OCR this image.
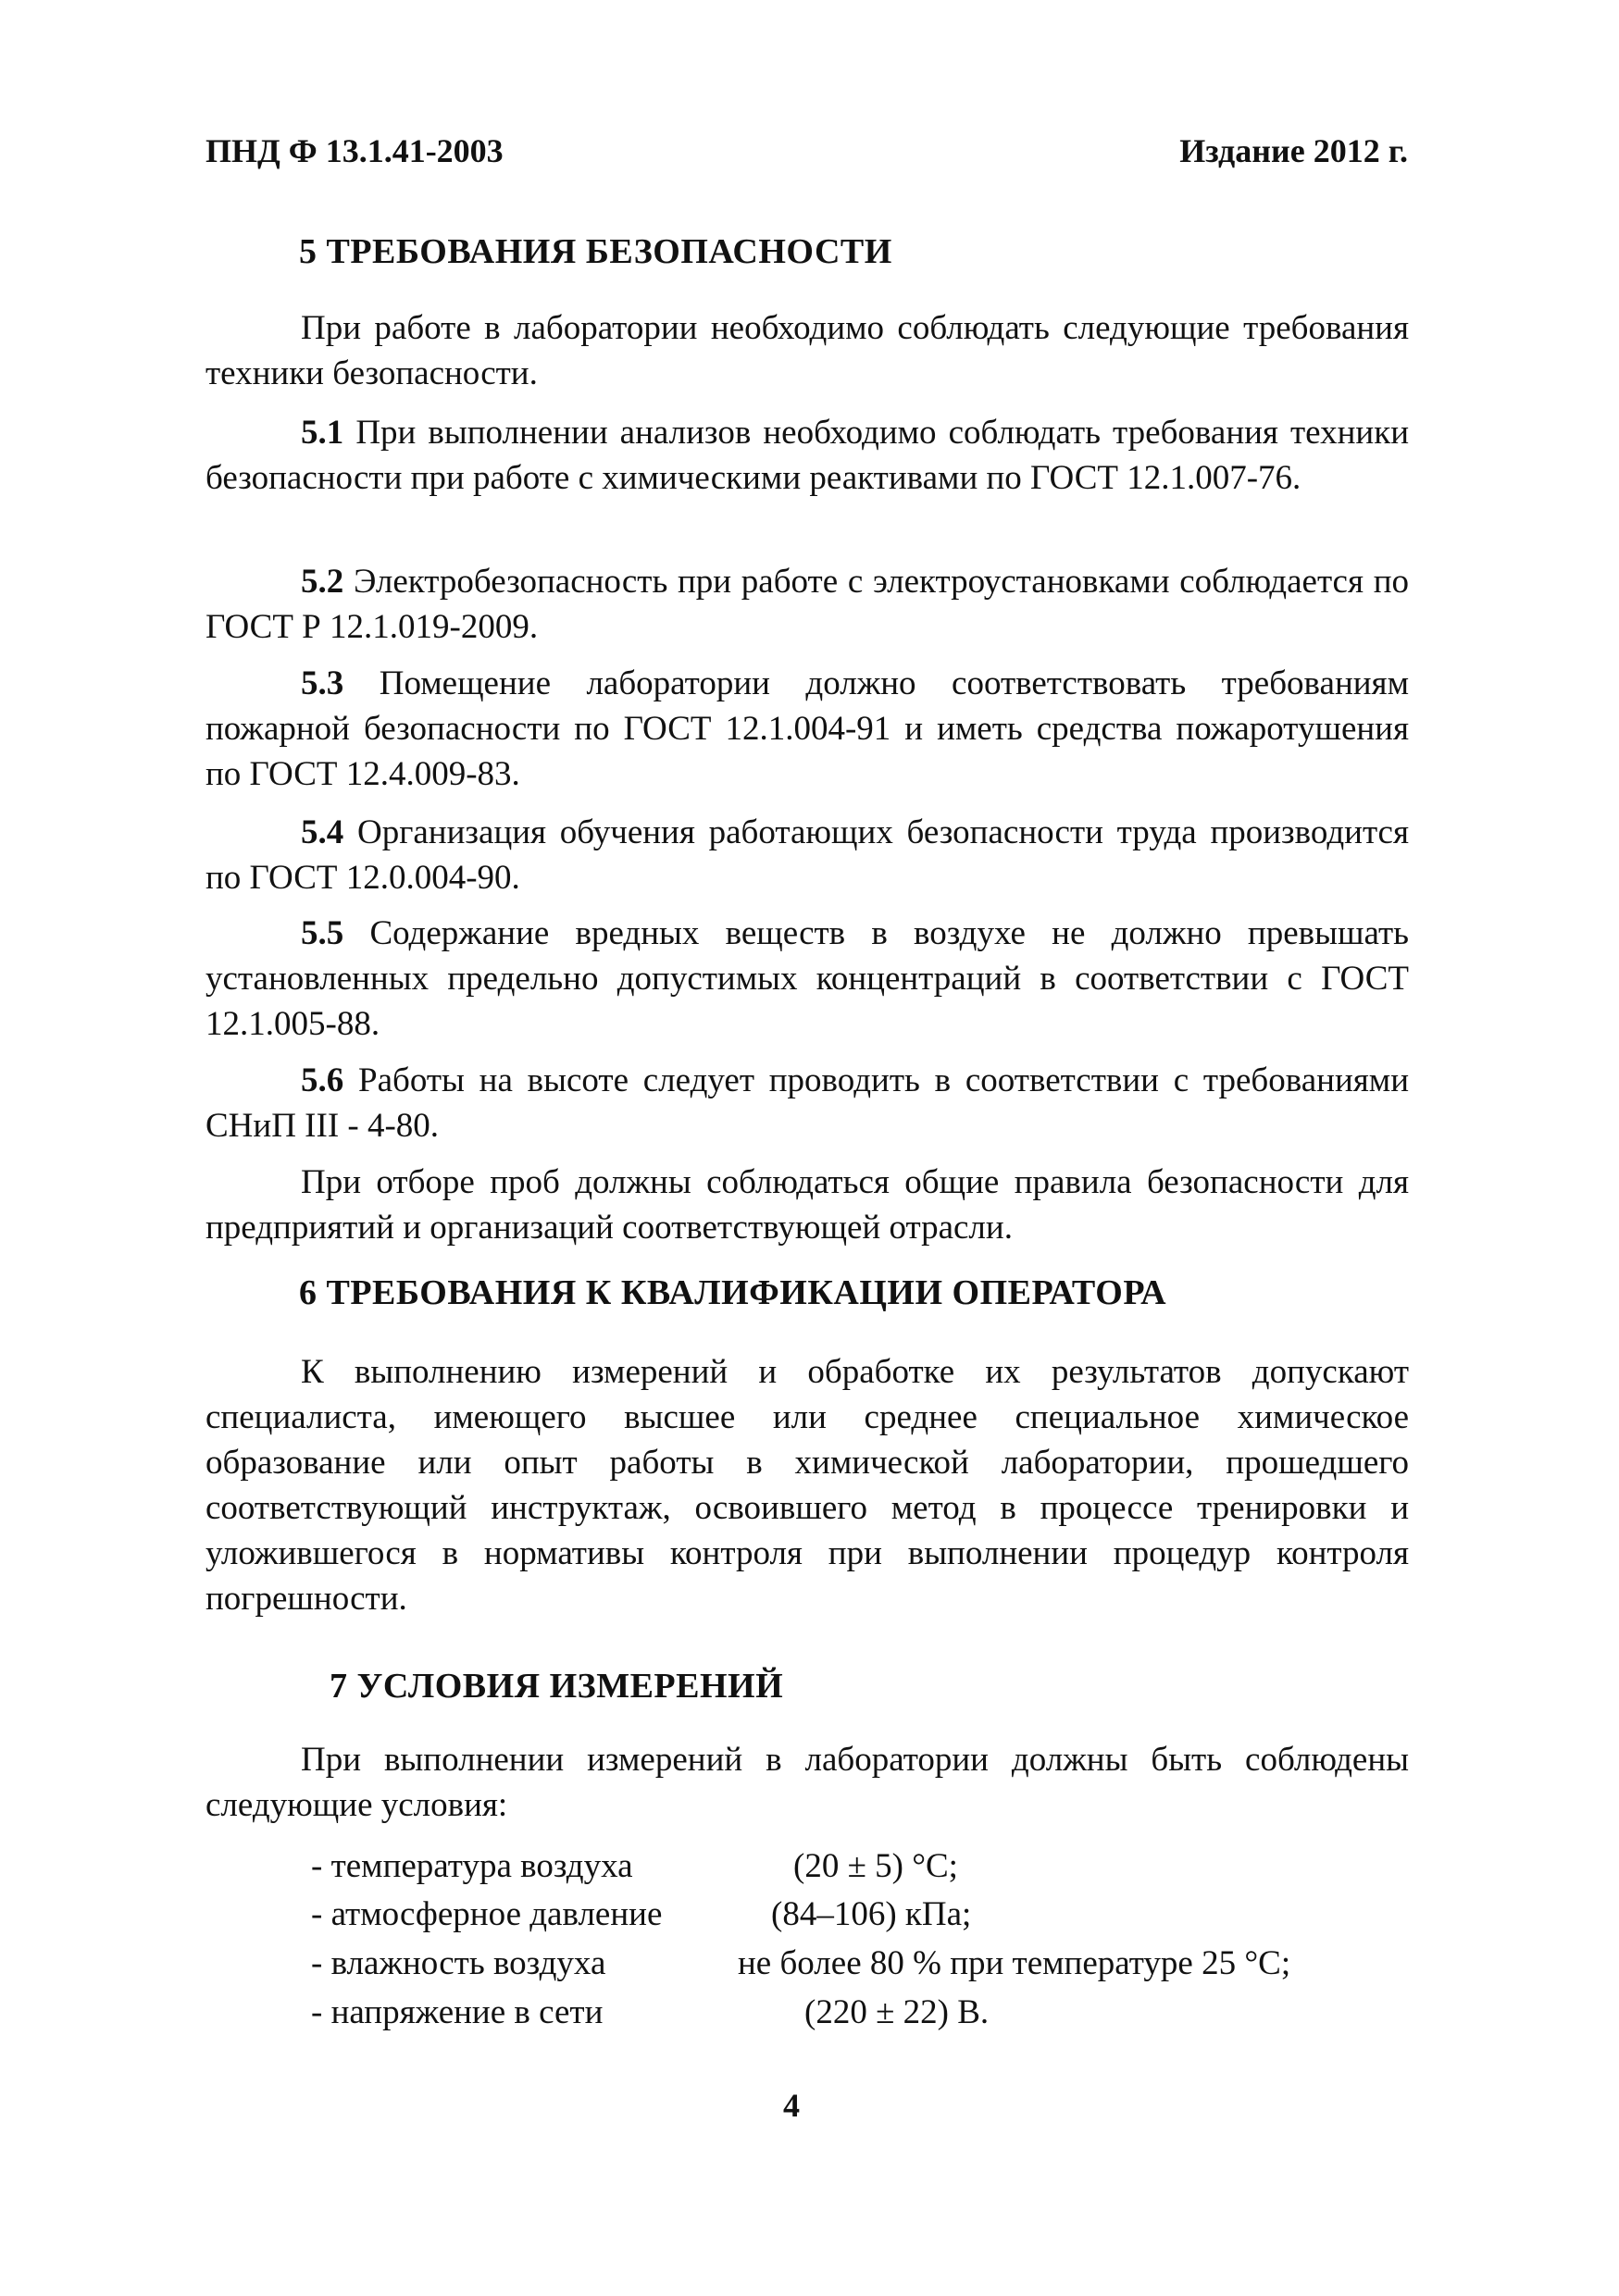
ПНД Ф 13.1.41-2003	Издание 2012 г.
5 ТРЕБОВАНИЯ БЕЗОПАСНОСТИ
При работе в лаборатории необходимо соблюдать следующие требования техники безопасности.
5.1 При выполнении анализов необходимо соблюдать требования техники безопасности при работе с химическими реактивами по ГОСТ 12.1.007-76.
5.2 Электробезопасность при работе с электроустановками соблюдается по ГОСТ Р 12.1.019-2009.
5.3 Помещение лаборатории должно соответствовать требованиям пожарной безопасности по ГОСТ 12.1.004-91 и иметь средства пожаротушения по ГОСТ 12.4.009-83.
5.4 Организация обучения работающих безопасности труда производится по ГОСТ 12.0.004-90.
5.5 Содержание вредных веществ в воздухе не должно превышать установленных предельно допустимых концентраций в соответствии с ГОСТ 12.1.005-88.
5.6 Работы на высоте следует проводить в соответствии с требованиями СНиП III - 4-80.
При отборе проб должны соблюдаться общие правила безопасности для предприятий и организаций соответствующей отрасли.
6 ТРЕБОВАНИЯ К КВАЛИФИКАЦИИ ОПЕРАТОРА
К выполнению измерений и обработке их результатов допускают специалиста, имеющего высшее или среднее специальное химическое образование или опыт работы в химической лаборатории, прошедшего соответствующий инструктаж, освоившего метод в процессе тренировки и уложившегося в нормативы контроля при выполнении процедур контроля погрешности.
7 УСЛОВИЯ ИЗМЕРЕНИЙ
При выполнении измерений в лаборатории должны быть соблюдены следующие условия:
- температура воздуха	(20 ± 5) °С;
- атмосферное давление	(84–106) кПа;
- влажность воздуха	не более 80 % при температуре 25 °С;
- напряжение в сети	(220 ± 22) В.
4
